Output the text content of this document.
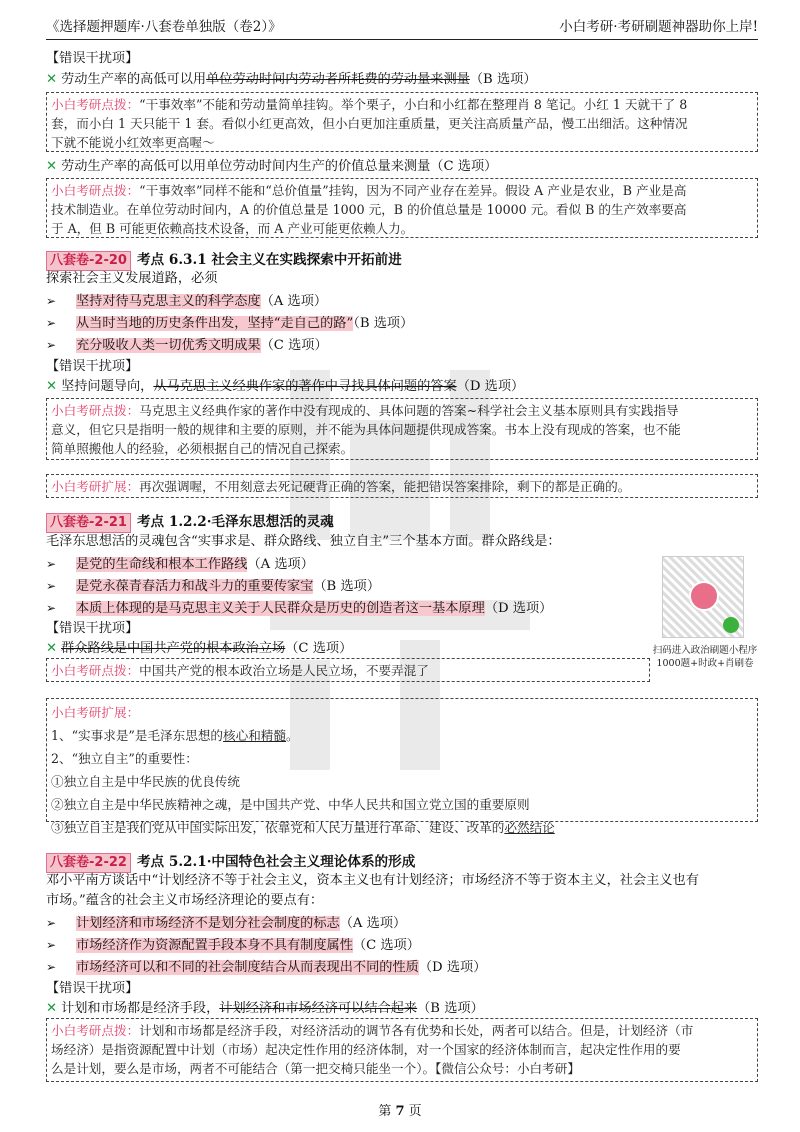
《选择题押题库·八套卷单独版（卷2）》	小白考研·考研刷题神器助你上岸!
【错误干扰项】
✕ 劳动生产率的高低可以用单位劳动时间内劳动者所耗费的劳动量来测量（B 选项）
小白考研点拨：“干事效率”不能和劳动量简单挂钩。举个栗子，小白和小红都在整理肖 8 笔记。小红 1 天就干了 8
套，而小白 1 天只能干 1 套。看似小红更高效，但小白更加注重质量，更关注高质量产品，慢工出细活。这种情况
下就不能说小红效率更高喔～
✕ 劳动生产率的高低可以用单位劳动时间内生产的价值总量来测量（C 选项）
小白考研点拨：“干事效率”同样不能和“总价值量”挂钩，因为不同产业存在差异。假设 A 产业是农业，B 产业是高
技术制造业。在单位劳动时间内，A 的价值总量是 1000 元，B 的价值总量是 10000 元。看似 B 的生产效率要高
于 A，但 B 可能更依赖高技术设备，而 A 产业可能更依赖人力。
八套卷-2-20 考点 6.3.1 社会主义在实践探索中开拓前进
探索社会主义发展道路，必须
➢ 坚持对待马克思主义的科学态度（A 选项）
➢ 从当时当地的历史条件出发，坚持“走自己的路”（B 选项）
➢ 充分吸收人类一切优秀文明成果（C 选项）
【错误干扰项】
✕ 坚持问题导向，从马克思主义经典作家的著作中寻找具体问题的答案（D 选项）
小白考研点拨：马克思主义经典作家的著作中没有现成的、具体问题的答案~科学社会主义基本原则具有实践指导
意义，但它只是指明一般的规律和主要的原则，并不能为具体问题提供现成答案。书本上没有现成的答案，也不能
简单照搬他人的经验，必须根据自己的情况自己探索。
小白考研扩展：再次强调喔，不用刻意去死记硬背正确的答案，能把错误答案排除，剩下的都是正确的。
八套卷-2-21 考点 1.2.2·毛泽东思想活的灵魂
毛泽东思想活的灵魂包含“实事求是、群众路线、独立自主”三个基本方面。群众路线是：
➢ 是党的生命线和根本工作路线（A 选项）
➢ 是党永葆青春活力和战斗力的重要传家宝（B 选项）
➢ 本质上体现的是马克思主义关于人民群众是历史的创造者这一基本原理（D 选项）
【错误干扰项】
✕ 群众路线是中国共产党的根本政治立场（C 选项）
小白考研点拨：中国共产党的根本政治立场是人民立场，不要弄混了
小白考研扩展：
1、“实事求是”是毛泽东思想的核心和精髓。
2、“独立自主”的重要性：
①独立自主是中华民族的优良传统
②独立自主是中华民族精神之魂，是中国共产党、中华人民共和国立党立国的重要原则
③独立自主是我们党从中国实际出发，依靠党和人民力量进行革命、建设、改革的必然结论
八套卷-2-22 考点 5.2.1·中国特色社会主义理论体系的形成
邓小平南方谈话中“计划经济不等于社会主义，资本主义也有计划经济；市场经济不等于资本主义，社会主义也有
市场。”蕴含的社会主义市场经济理论的要点有：
➢ 计划经济和市场经济不是划分社会制度的标志（A 选项）
➢ 市场经济作为资源配置手段本身不具有制度属性（C 选项）
➢ 市场经济可以和不同的社会制度结合从而表现出不同的性质（D 选项）
【错误干扰项】
✕ 计划和市场都是经济手段，计划经济和市场经济可以结合起来（B 选项）
小白考研点拨：计划和市场都是经济手段，对经济活动的调节各有优势和长处，两者可以结合。但是，计划经济（市
场经济）是指资源配置中计划（市场）起决定性作用的经济体制，对一个国家的经济体制而言，起决定性作用的要
么是计划，要么是市场，两者不可能结合（第一把交椅只能坐一个）。【微信公众号：小白考研】
扫码进入政治刷题小程序
1000题+时政+肖刷卷
第 7 页
